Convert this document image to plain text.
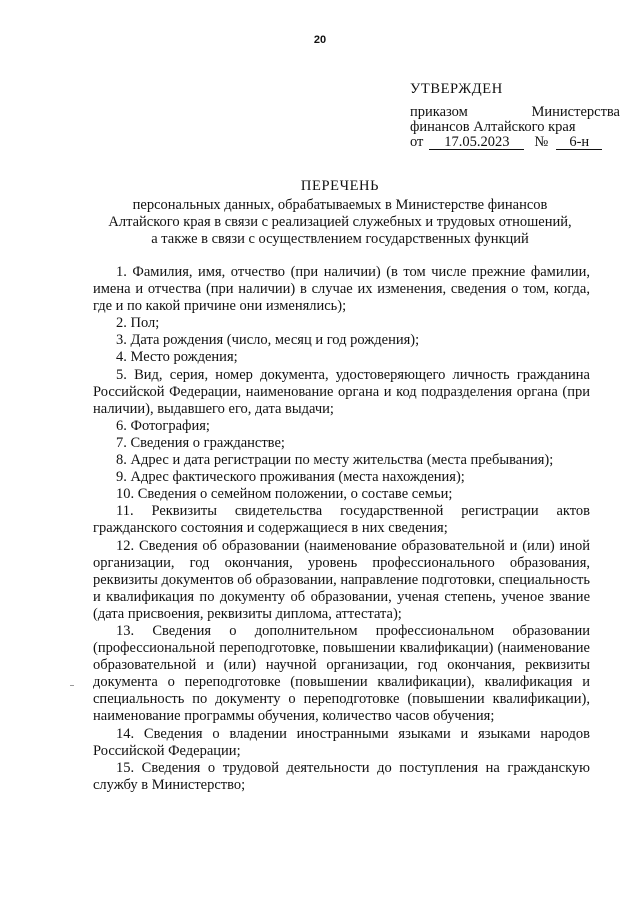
20
УТВЕРЖДЕН
приказом	Министерства
финансов Алтайского края
от	17.05.2023	№	6-н
ПЕРЕЧЕНЬ
персональных данных, обрабатываемых в Министерстве финансов
Алтайского края в связи с реализацией служебных и трудовых отношений,
а также в связи с осуществлением государственных функций

1. Фамилия, имя, отчество (при наличии) (в том числе прежние фамилии, имена и отчества (при наличии) в случае их изменения, сведения о том, когда, где и по какой причине они изменялись);

2. Пол;

3. Дата рождения (число, месяц и год рождения);

4. Место рождения;

5. Вид, серия, номер документа, удостоверяющего личность гражданина Российской Федерации, наименование органа и код подразделения органа (при наличии), выдавшего его, дата выдачи;

6. Фотография;

7. Сведения о гражданстве;

8. Адрес и дата регистрации по месту жительства (места пребывания);

9. Адрес фактического проживания (места нахождения);

10. Сведения о семейном положении, о составе семьи;

11. Реквизиты свидетельства государственной регистрации актов гражданского состояния и содержащиеся в них сведения;

12. Сведения об образовании (наименование образовательной и (или) иной организации, год окончания, уровень профессионального образования, реквизиты документов об образовании, направление подготовки, специальность и квалификация по документу об образовании, ученая степень, ученое звание (дата присвоения, реквизиты диплома, аттестата);

13. Сведения о дополнительном профессиональном образовании (профессиональной переподготовке, повышении квалификации) (наименование образовательной и (или) научной организации, год окончания, реквизиты документа о переподготовке (повышении квалификации), квалификация и специальность по документу о переподготовке (повышении квалификации), наименование программы обучения, количество часов обучения;

14. Сведения о владении иностранными языками и языками народов Российской Федерации;

15. Сведения о трудовой деятельности до поступления на гражданскую службу в Министерство;
